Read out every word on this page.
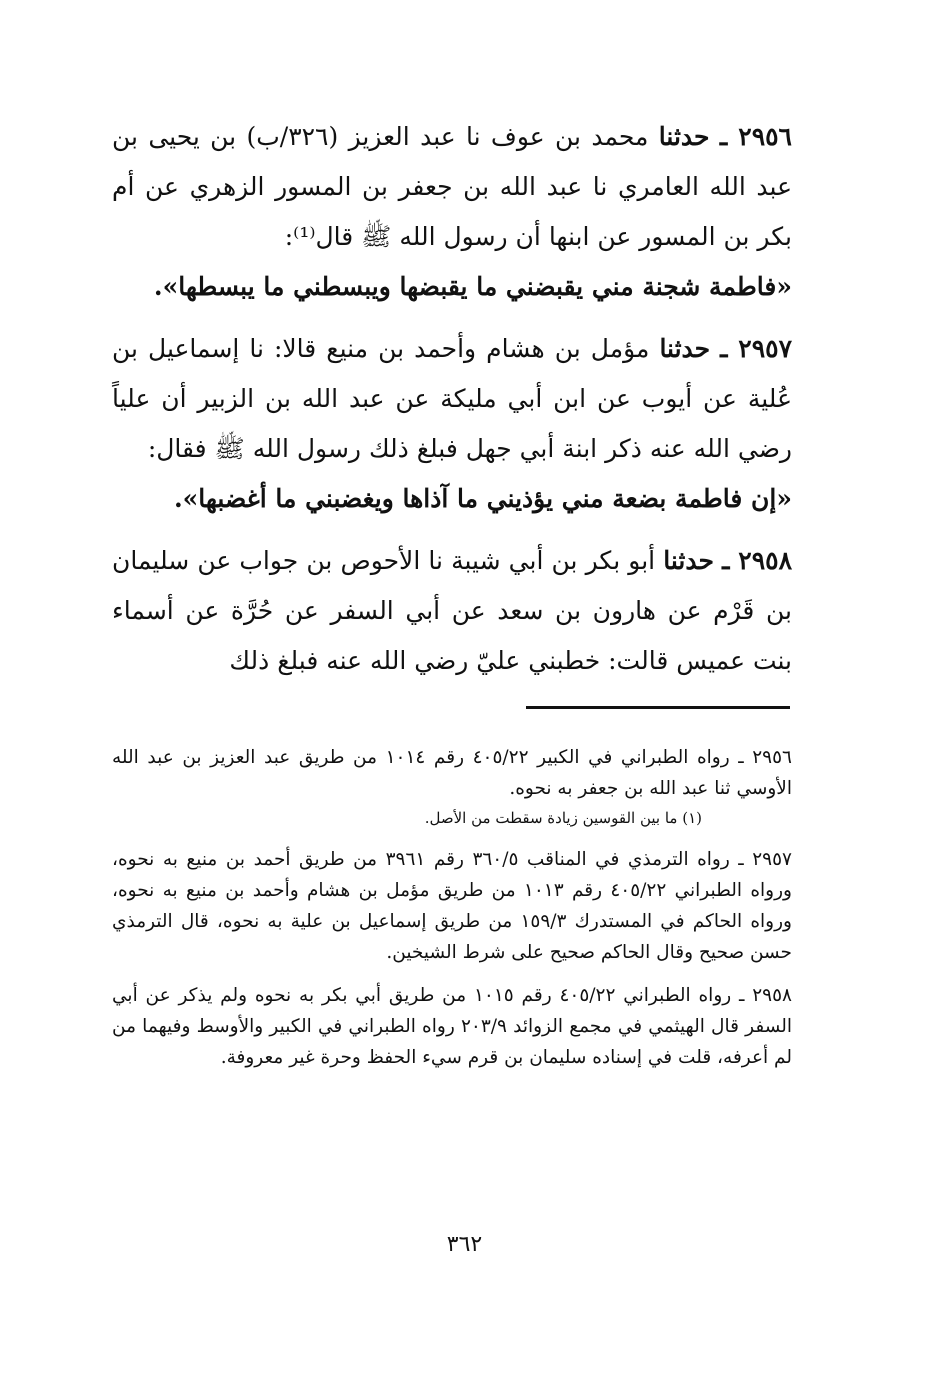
٢٩٥٦ ـ حدثنا محمد بن عوف نا عبد العزيز (٣٢٦/ب) بن يحيى بن عبد الله العامري نا عبد الله بن جعفر بن المسور الزهري عن أم بكر بن المسور عن ابنها أن رسول الله ﷺ قال⁽¹⁾:

«فاطمة شجنة مني يقبضني ما يقبضها ويبسطني ما يبسطها».

٢٩٥٧ ـ حدثنا مؤمل بن هشام وأحمد بن منيع قالا: نا إسماعيل بن عُلية عن أيوب عن ابن أبي مليكة عن عبد الله بن الزبير أن علياً رضي الله عنه ذكر ابنة أبي جهل فبلغ ذلك رسول الله ﷺ فقال:

«إن فاطمة بضعة مني يؤذيني ما آذاها ويغضبني ما أغضبها».

٢٩٥٨ ـ حدثنا أبو بكر بن أبي شيبة نا الأحوص بن جواب عن سليمان بن قَرْم عن هارون بن سعد عن أبي السفر عن حُرَّة عن أسماء بنت عميس قالت: خطبني عليّ رضي الله عنه فبلغ ذلك

٢٩٥٦ ـ رواه الطبراني في الكبير ٤٠٥/٢٢ رقم ١٠١٤ من طريق عبد العزيز بن عبد الله الأوسي ثنا عبد الله بن جعفر به نحوه.
(١) ما بين القوسين زيادة سقطت من الأصل.
٢٩٥٧ ـ رواه الترمذي في المناقب ٣٦٠/٥ رقم ٣٩٦١ من طريق أحمد بن منيع به نحوه، ورواه الطبراني ٤٠٥/٢٢ رقم ١٠١٣ من طريق مؤمل بن هشام وأحمد بن منيع به نحوه، ورواه الحاكم في المستدرك ١٥٩/٣ من طريق إسماعيل بن علية به نحوه، قال الترمذي حسن صحيح وقال الحاكم صحيح على شرط الشيخين.
٢٩٥٨ ـ رواه الطبراني ٤٠٥/٢٢ رقم ١٠١٥ من طريق أبي بكر به نحوه ولم يذكر عن أبي السفر قال الهيثمي في مجمع الزوائد ٢٠٣/٩ رواه الطبراني في الكبير والأوسط وفيهما من لم أعرفه، قلت في إسناده سليمان بن قرم سيء الحفظ وحرة غير معروفة.
٣٦٢
